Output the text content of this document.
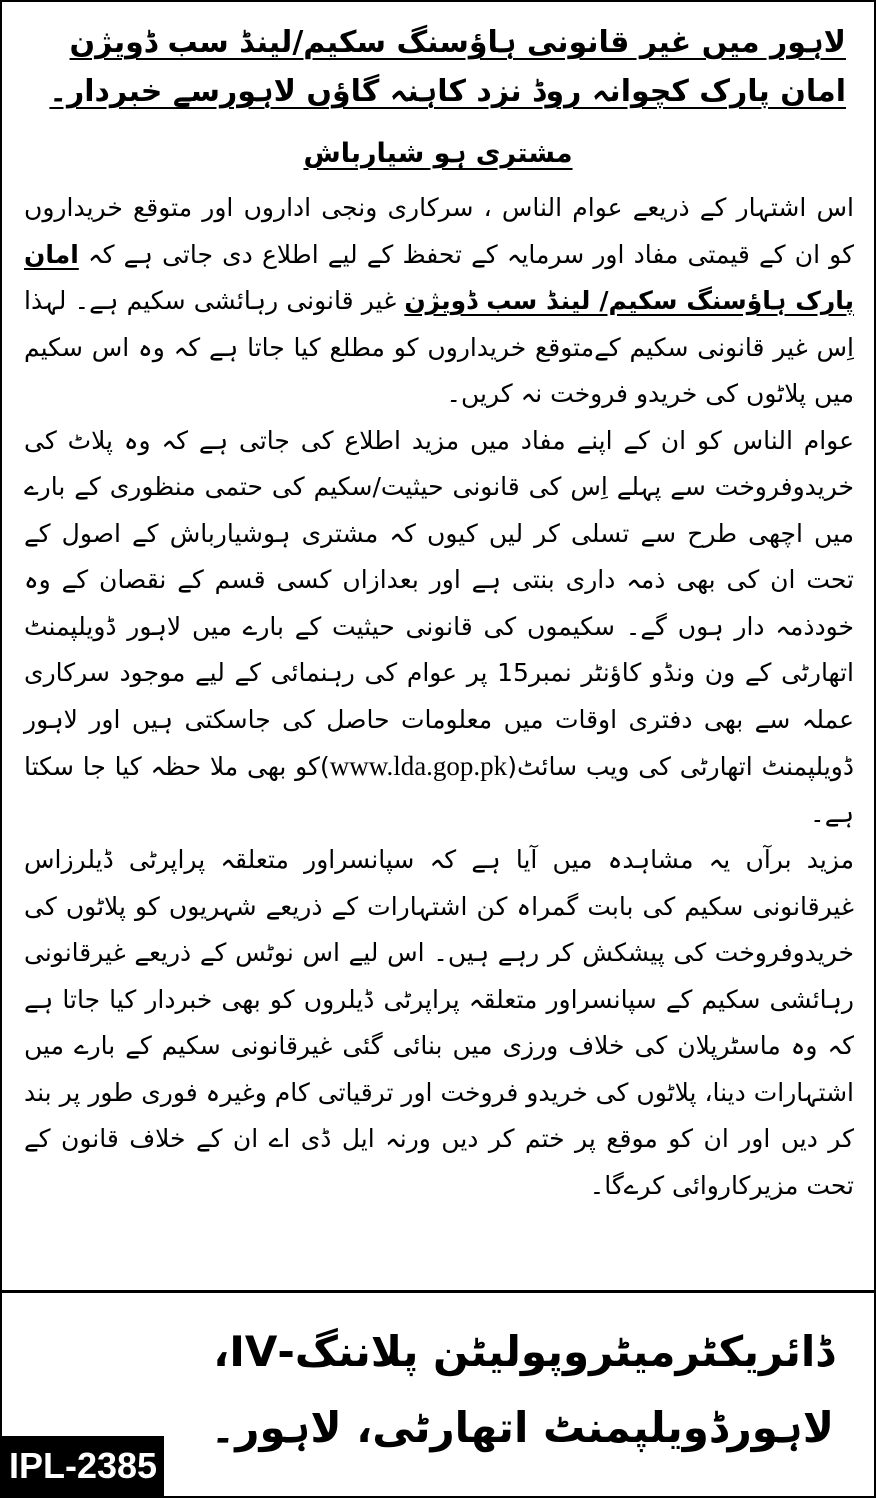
لاہور میں غیر قانونی ہاؤسنگ سکیم/لینڈ سب ڈویژن امان پارک کچوانہ روڈ نزد کاہنہ گاؤں لاہورسے خبردار۔
مشتری ہو شیارباش

اس اشتہار کے ذریعے عوام الناس ، سرکاری ونجی اداروں اور متوقع خریداروں کو ان کے قیمتی مفاد اور سرمایہ کے تحفظ کے لیے اطلاع دی جاتی ہے کہ امان پارک ہاؤسنگ سکیم/ لینڈ سب ڈویژن غیر قانونی رہائشی سکیم ہے۔ لہذا اِس غیر قانونی سکیم کےمتوقع خریداروں کو مطلع کیا جاتا ہے کہ وہ اس سکیم میں پلاٹوں کی خریدو فروخت نہ کریں۔

عوام الناس کو ان کے اپنے مفاد میں مزید اطلاع کی جاتی ہے کہ وہ پلاٹ کی خریدوفروخت سے پہلے اِس کی قانونی حیثیت/سکیم کی حتمی منظوری کے بارے میں اچھی طرح سے تسلی کر لیں کیوں کہ مشتری ہوشیارباش کے اصول کے تحت ان کی بھی ذمہ داری بنتی ہے اور بعدازاں کسی قسم کے نقصان کے وہ خودذمہ دار ہوں گے۔ سکیموں کی قانونی حیثیت کے بارے میں لاہور ڈویلپمنٹ اتھارٹی کے ون ونڈو کاؤنٹر نمبر15 پر عوام کی رہنمائی کے لیے موجود سرکاری عملہ سے بھی دفتری اوقات میں معلومات حاصل کی جاسکتی ہیں اور لاہور ڈویلپمنٹ اتھارٹی کی ویب سائٹ(www.lda.gop.pk)کو بھی ملا حظہ کیا جا سکتا ہے۔

مزید برآں یہ مشاہدہ میں آیا ہے کہ سپانسراور متعلقہ پراپرٹی ڈیلرزاس غیرقانونی سکیم کی بابت گمراہ کن اشتہارات کے ذریعے شہریوں کو پلاٹوں کی خریدوفروخت کی پیشکش کر رہے ہیں۔ اس لیے اس نوٹس کے ذریعے غیرقانونی رہائشی سکیم کے سپانسراور متعلقہ پراپرٹی ڈیلروں کو بھی خبردار کیا جاتا ہے کہ وہ ماسٹرپلان کی خلاف ورزی میں بنائی گئی غیرقانونی سکیم کے بارے میں اشتہارات دینا، پلاٹوں کی خریدو فروخت اور ترقیاتی کام وغیرہ فوری طور پر بند کر دیں اور ان کو موقع پر ختم کر دیں ورنہ ایل ڈی اے ان کے خلاف قانون کے تحت مزیرکاروائی کرےگا۔

ڈائریکٹرمیٹروپولیٹن پلاننگ-IV،
لاہورڈویلپمنٹ اتھارٹی، لاہور۔
IPL-2385
